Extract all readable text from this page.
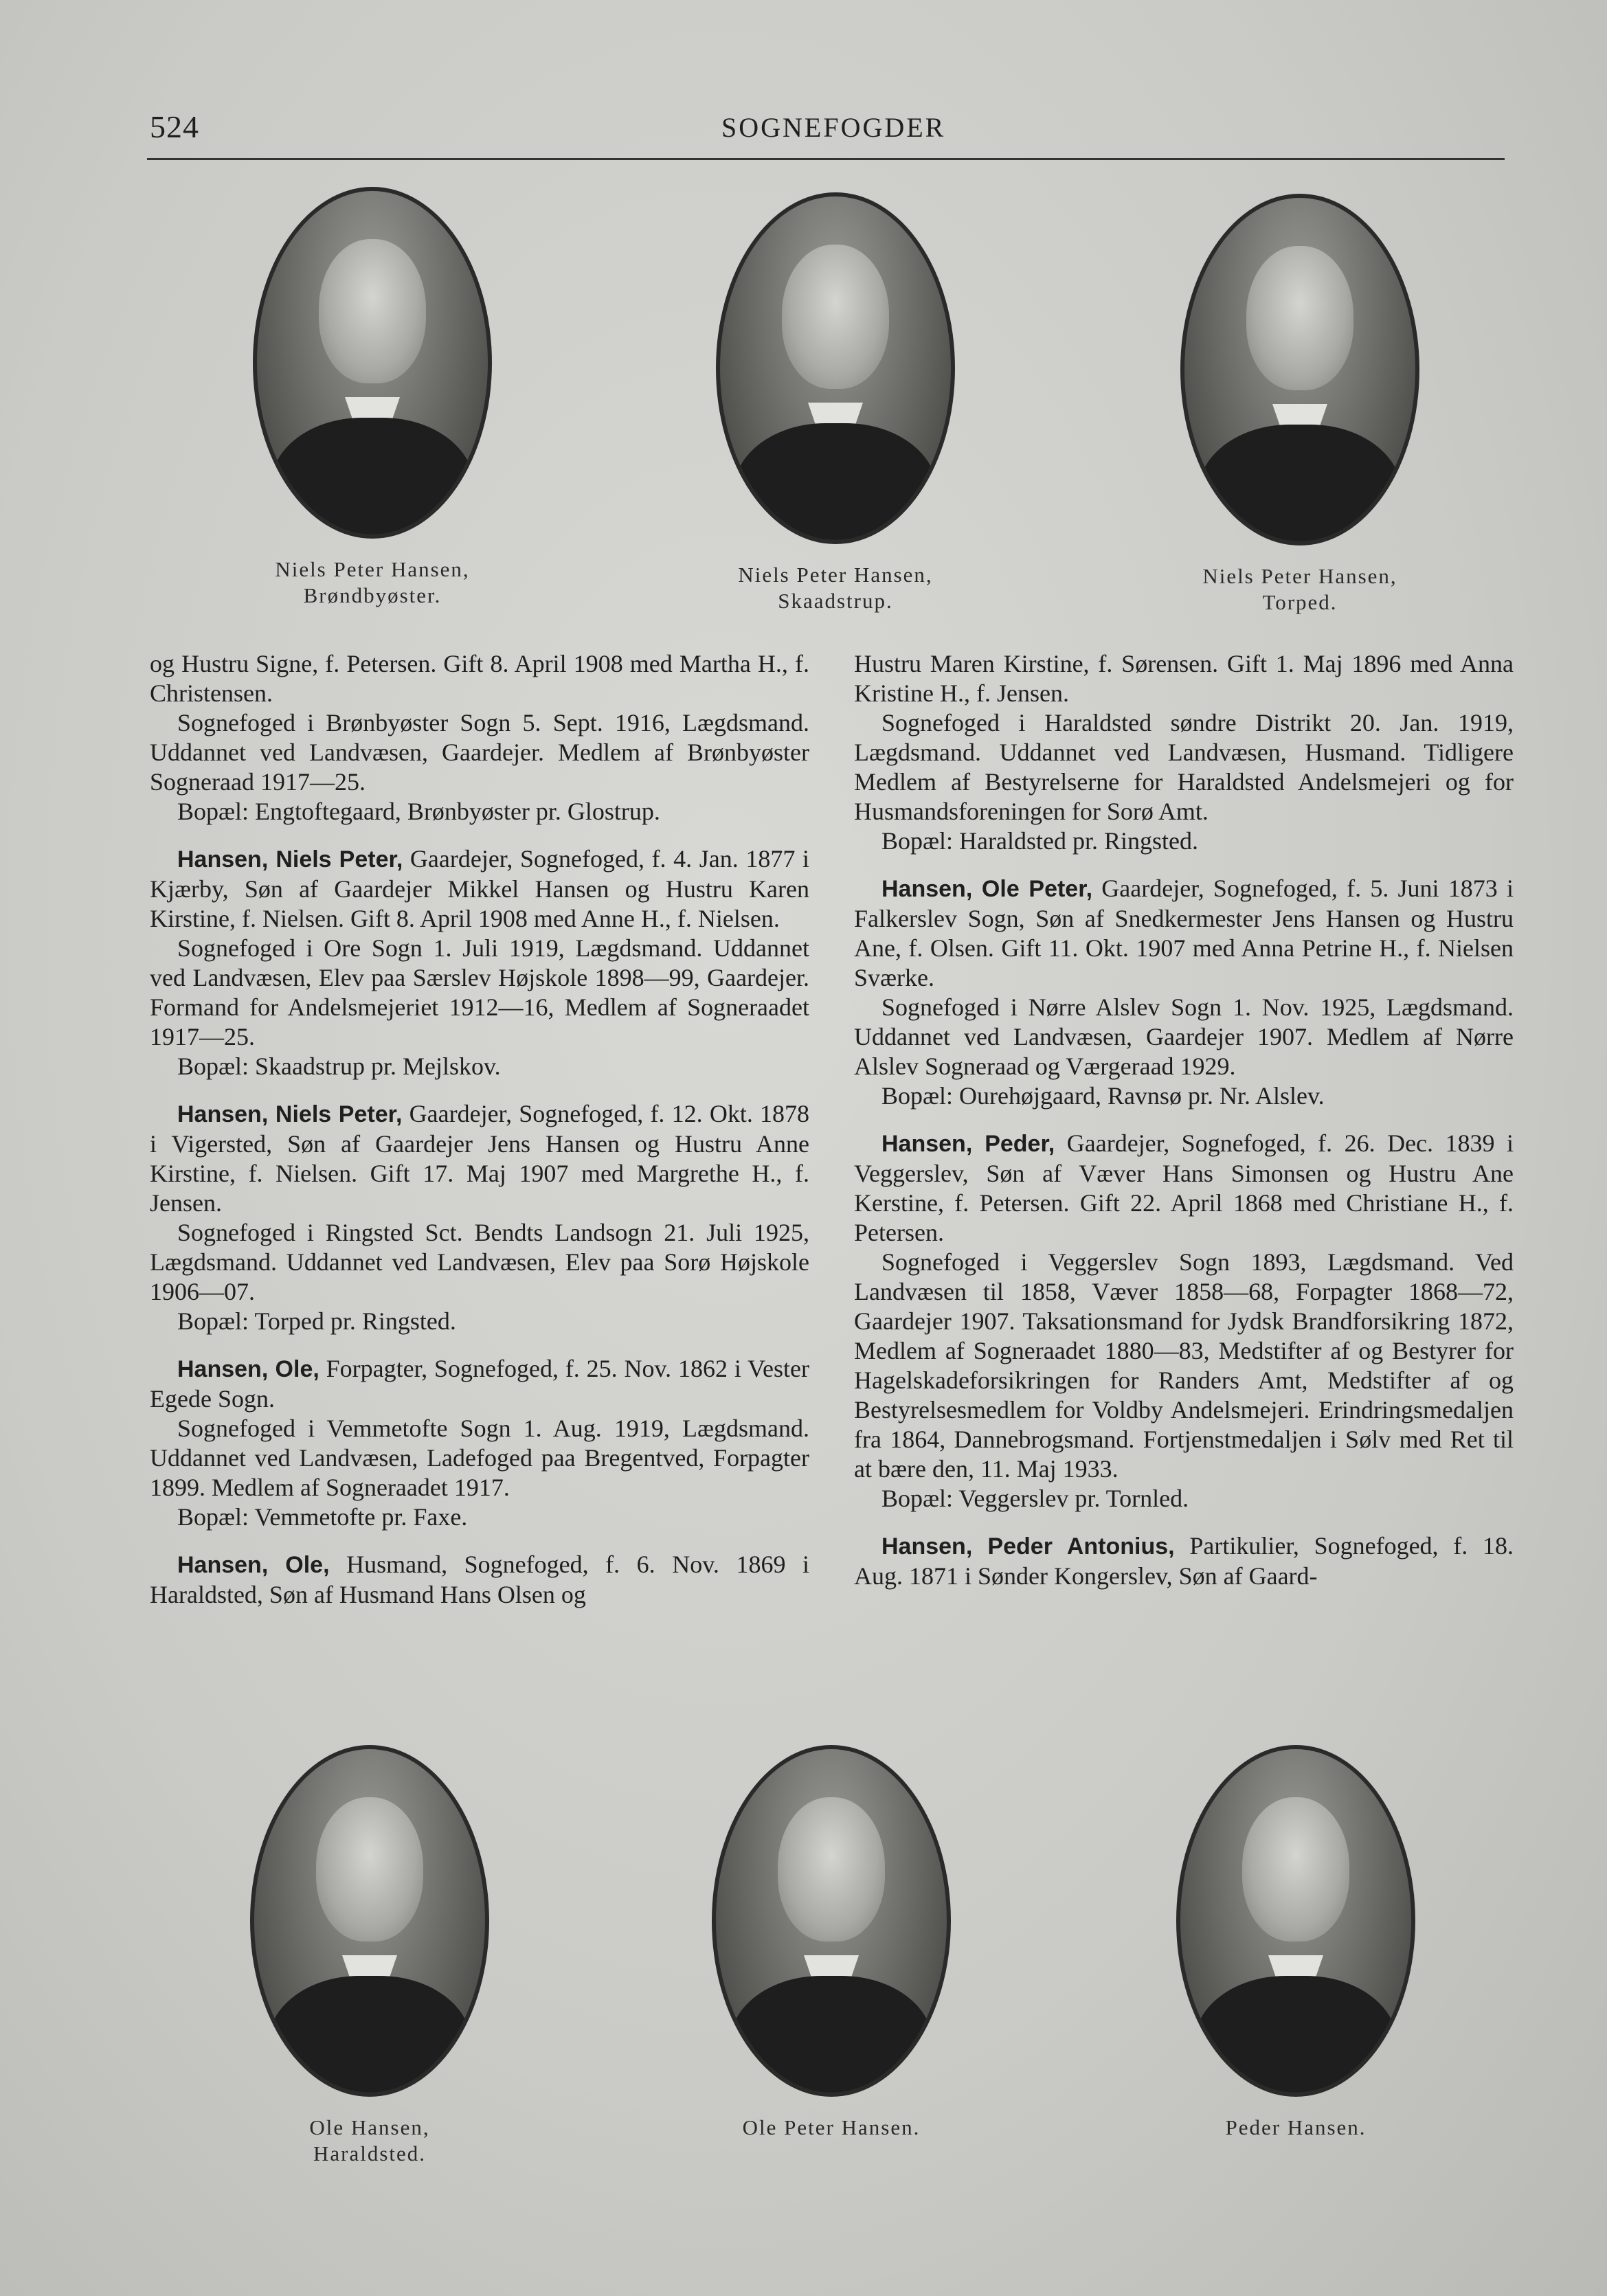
524	SOGNEFOGDER
Niels Peter Hansen,
Brøndbyøster.
Niels Peter Hansen,
Skaadstrup.
Niels Peter Hansen,
Torped.

og Hustru Signe, f. Petersen. Gift 8. April 1908 med Martha H., f. Christensen.

Sognefoged i Brønbyøster Sogn 5. Sept. 1916, Lægdsmand. Uddannet ved Landvæsen, Gaardejer. Medlem af Brønbyøster Sogneraad 1917—25.

Bopæl: Engtoftegaard, Brønbyøster pr. Glostrup.

Hansen, Niels Peter, Gaardejer, Sognefoged, f. 4. Jan. 1877 i Kjærby, Søn af Gaardejer Mikkel Hansen og Hustru Karen Kirstine, f. Nielsen. Gift 8. April 1908 med Anne H., f. Nielsen.

Sognefoged i Ore Sogn 1. Juli 1919, Lægdsmand. Uddannet ved Landvæsen, Elev paa Særslev Højskole 1898—99, Gaardejer. Formand for Andelsmejeriet 1912—16, Medlem af Sogneraadet 1917—25.

Bopæl: Skaadstrup pr. Mejlskov.

Hansen, Niels Peter, Gaardejer, Sognefoged, f. 12. Okt. 1878 i Vigersted, Søn af Gaardejer Jens Hansen og Hustru Anne Kirstine, f. Nielsen. Gift 17. Maj 1907 med Margrethe H., f. Jensen.

Sognefoged i Ringsted Sct. Bendts Landsogn 21. Juli 1925, Lægdsmand. Uddannet ved Landvæsen, Elev paa Sorø Højskole 1906—07.

Bopæl: Torped pr. Ringsted.

Hansen, Ole, Forpagter, Sognefoged, f. 25. Nov. 1862 i Vester Egede Sogn.

Sognefoged i Vemmetofte Sogn 1. Aug. 1919, Lægdsmand. Uddannet ved Landvæsen, Ladefoged paa Bregentved, Forpagter 1899. Medlem af Sogneraadet 1917.

Bopæl: Vemmetofte pr. Faxe.

Hansen, Ole, Husmand, Sognefoged, f. 6. Nov. 1869 i Haraldsted, Søn af Husmand Hans Olsen og

Hustru Maren Kirstine, f. Sørensen. Gift 1. Maj 1896 med Anna Kristine H., f. Jensen.

Sognefoged i Haraldsted søndre Distrikt 20. Jan. 1919, Lægdsmand. Uddannet ved Landvæsen, Husmand. Tidligere Medlem af Bestyrelserne for Haraldsted Andelsmejeri og for Husmandsforeningen for Sorø Amt.

Bopæl: Haraldsted pr. Ringsted.

Hansen, Ole Peter, Gaardejer, Sognefoged, f. 5. Juni 1873 i Falkerslev Sogn, Søn af Snedkermester Jens Hansen og Hustru Ane, f. Olsen. Gift 11. Okt. 1907 med Anna Petrine H., f. Nielsen Sværke.

Sognefoged i Nørre Alslev Sogn 1. Nov. 1925, Lægdsmand. Uddannet ved Landvæsen, Gaardejer 1907. Medlem af Nørre Alslev Sogneraad og Værgeraad 1929.

Bopæl: Ourehøjgaard, Ravnsø pr. Nr. Alslev.

Hansen, Peder, Gaardejer, Sognefoged, f. 26. Dec. 1839 i Veggerslev, Søn af Væver Hans Simonsen og Hustru Ane Kerstine, f. Petersen. Gift 22. April 1868 med Christiane H., f. Petersen.

Sognefoged i Veggerslev Sogn 1893, Lægdsmand. Ved Landvæsen til 1858, Væver 1858—68, Forpagter 1868—72, Gaardejer 1907. Taksationsmand for Jydsk Brandforsikring 1872, Medlem af Sogneraadet 1880—83, Medstifter af og Bestyrer for Hagelskadeforsikringen for Randers Amt, Medstifter af og Bestyrelsesmedlem for Voldby Andelsmejeri. Erindringsmedaljen fra 1864, Dannebrogsmand. Fortjenstmedaljen i Sølv med Ret til at bære den, 11. Maj 1933.

Bopæl: Veggerslev pr. Tornled.

Hansen, Peder Antonius, Partikulier, Sognefoged, f. 18. Aug. 1871 i Sønder Kongerslev, Søn af Gaard-

Ole Hansen,
Haraldsted.
Ole Peter Hansen.	Peder Hansen.
